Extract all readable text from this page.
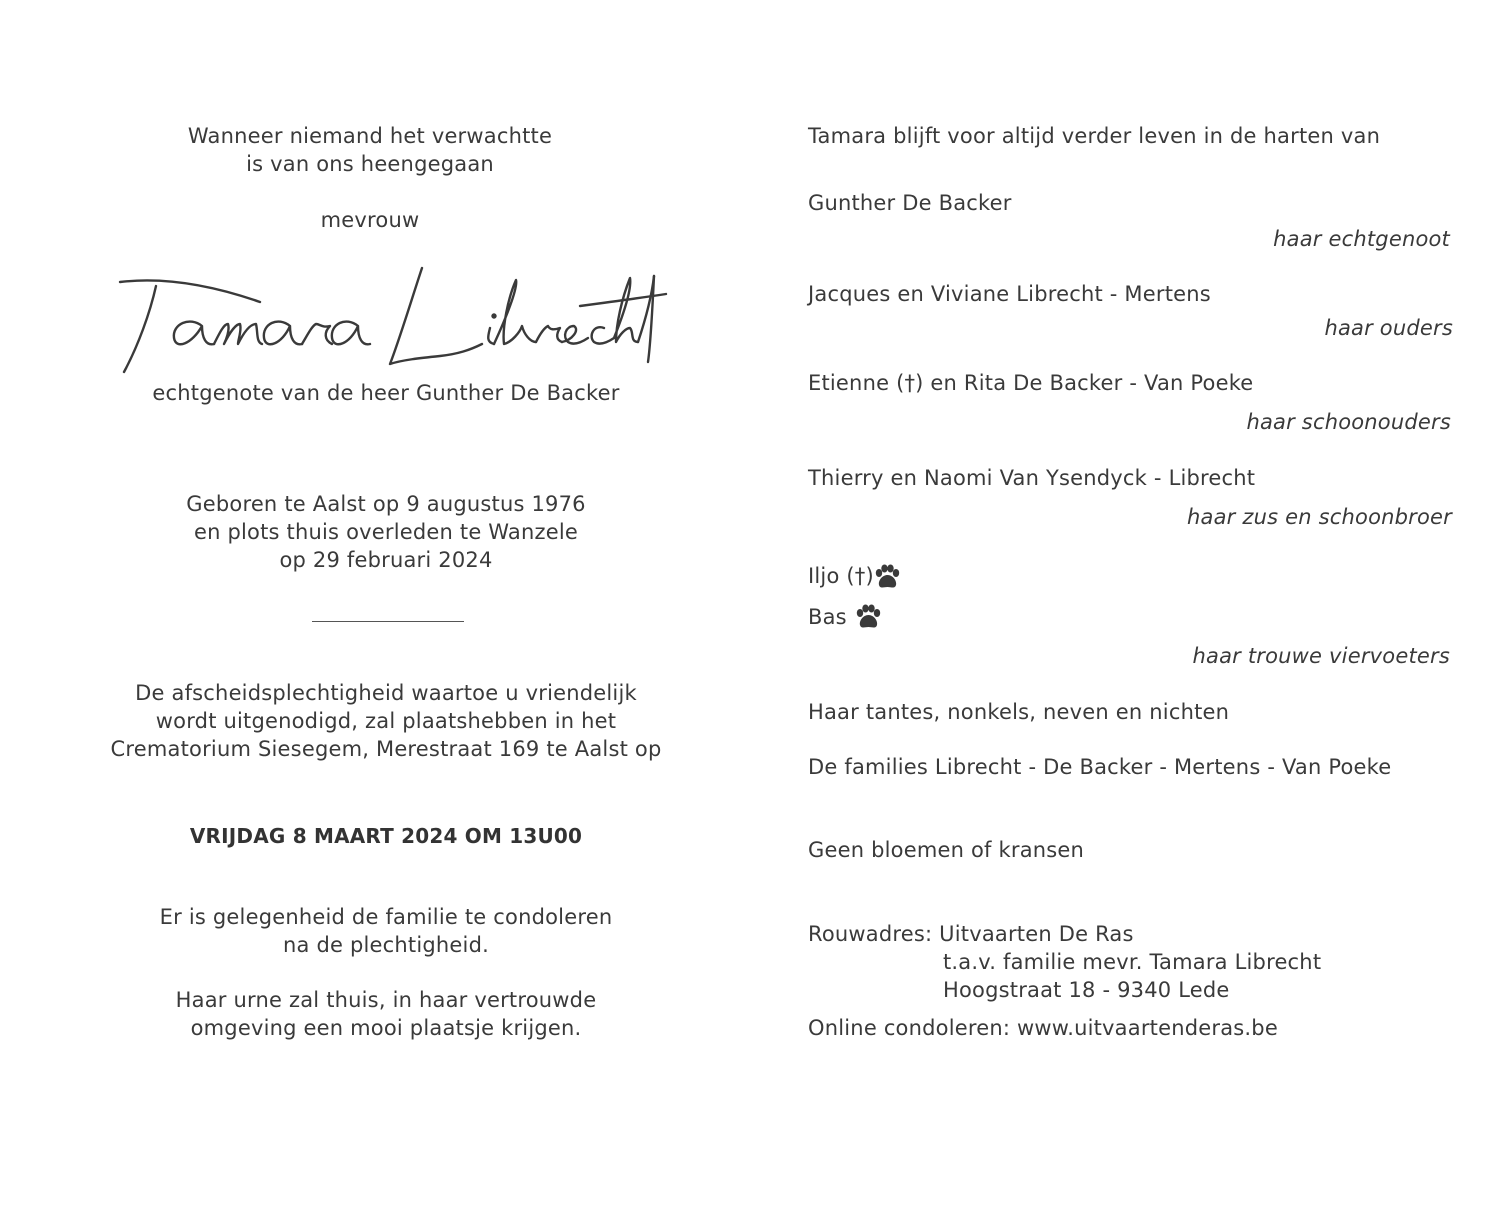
Wanneer niemand het verwachtte
is van ons heengegaan
mevrouw
echtgenote van de heer Gunther De Backer
Geboren te Aalst op 9 augustus 1976
en plots thuis overleden te Wanzele
op 29 februari 2024
De afscheidsplechtigheid waartoe u vriendelijk
wordt uitgenodigd, zal plaatshebben in het
Crematorium Siesegem, Merestraat 169 te Aalst op
VRIJDAG 8 MAART 2024 OM 13U00
Er is gelegenheid de familie te condoleren
na de plechtigheid.
Haar urne zal thuis, in haar vertrouwde
omgeving een mooi plaatsje krijgen.
Tamara blijft voor altijd verder leven in de harten van
Gunther De Backer
haar echtgenoot
Jacques en Viviane Librecht - Mertens
haar ouders
Etienne (†) en Rita De Backer - Van Poeke
haar schoonouders
Thierry en Naomi Van Ysendyck - Librecht
haar zus en schoonbroer
Iljo (†)
Bas
haar trouwe viervoeters
Haar tantes, nonkels, neven en nichten
De families Librecht - De Backer - Mertens - Van Poeke
Geen bloemen of kransen
Rouwadres: Uitvaarten De Ras
t.a.v. familie mevr. Tamara Librecht
Hoogstraat 18 - 9340 Lede
Online condoleren: www.uitvaartenderas.be
